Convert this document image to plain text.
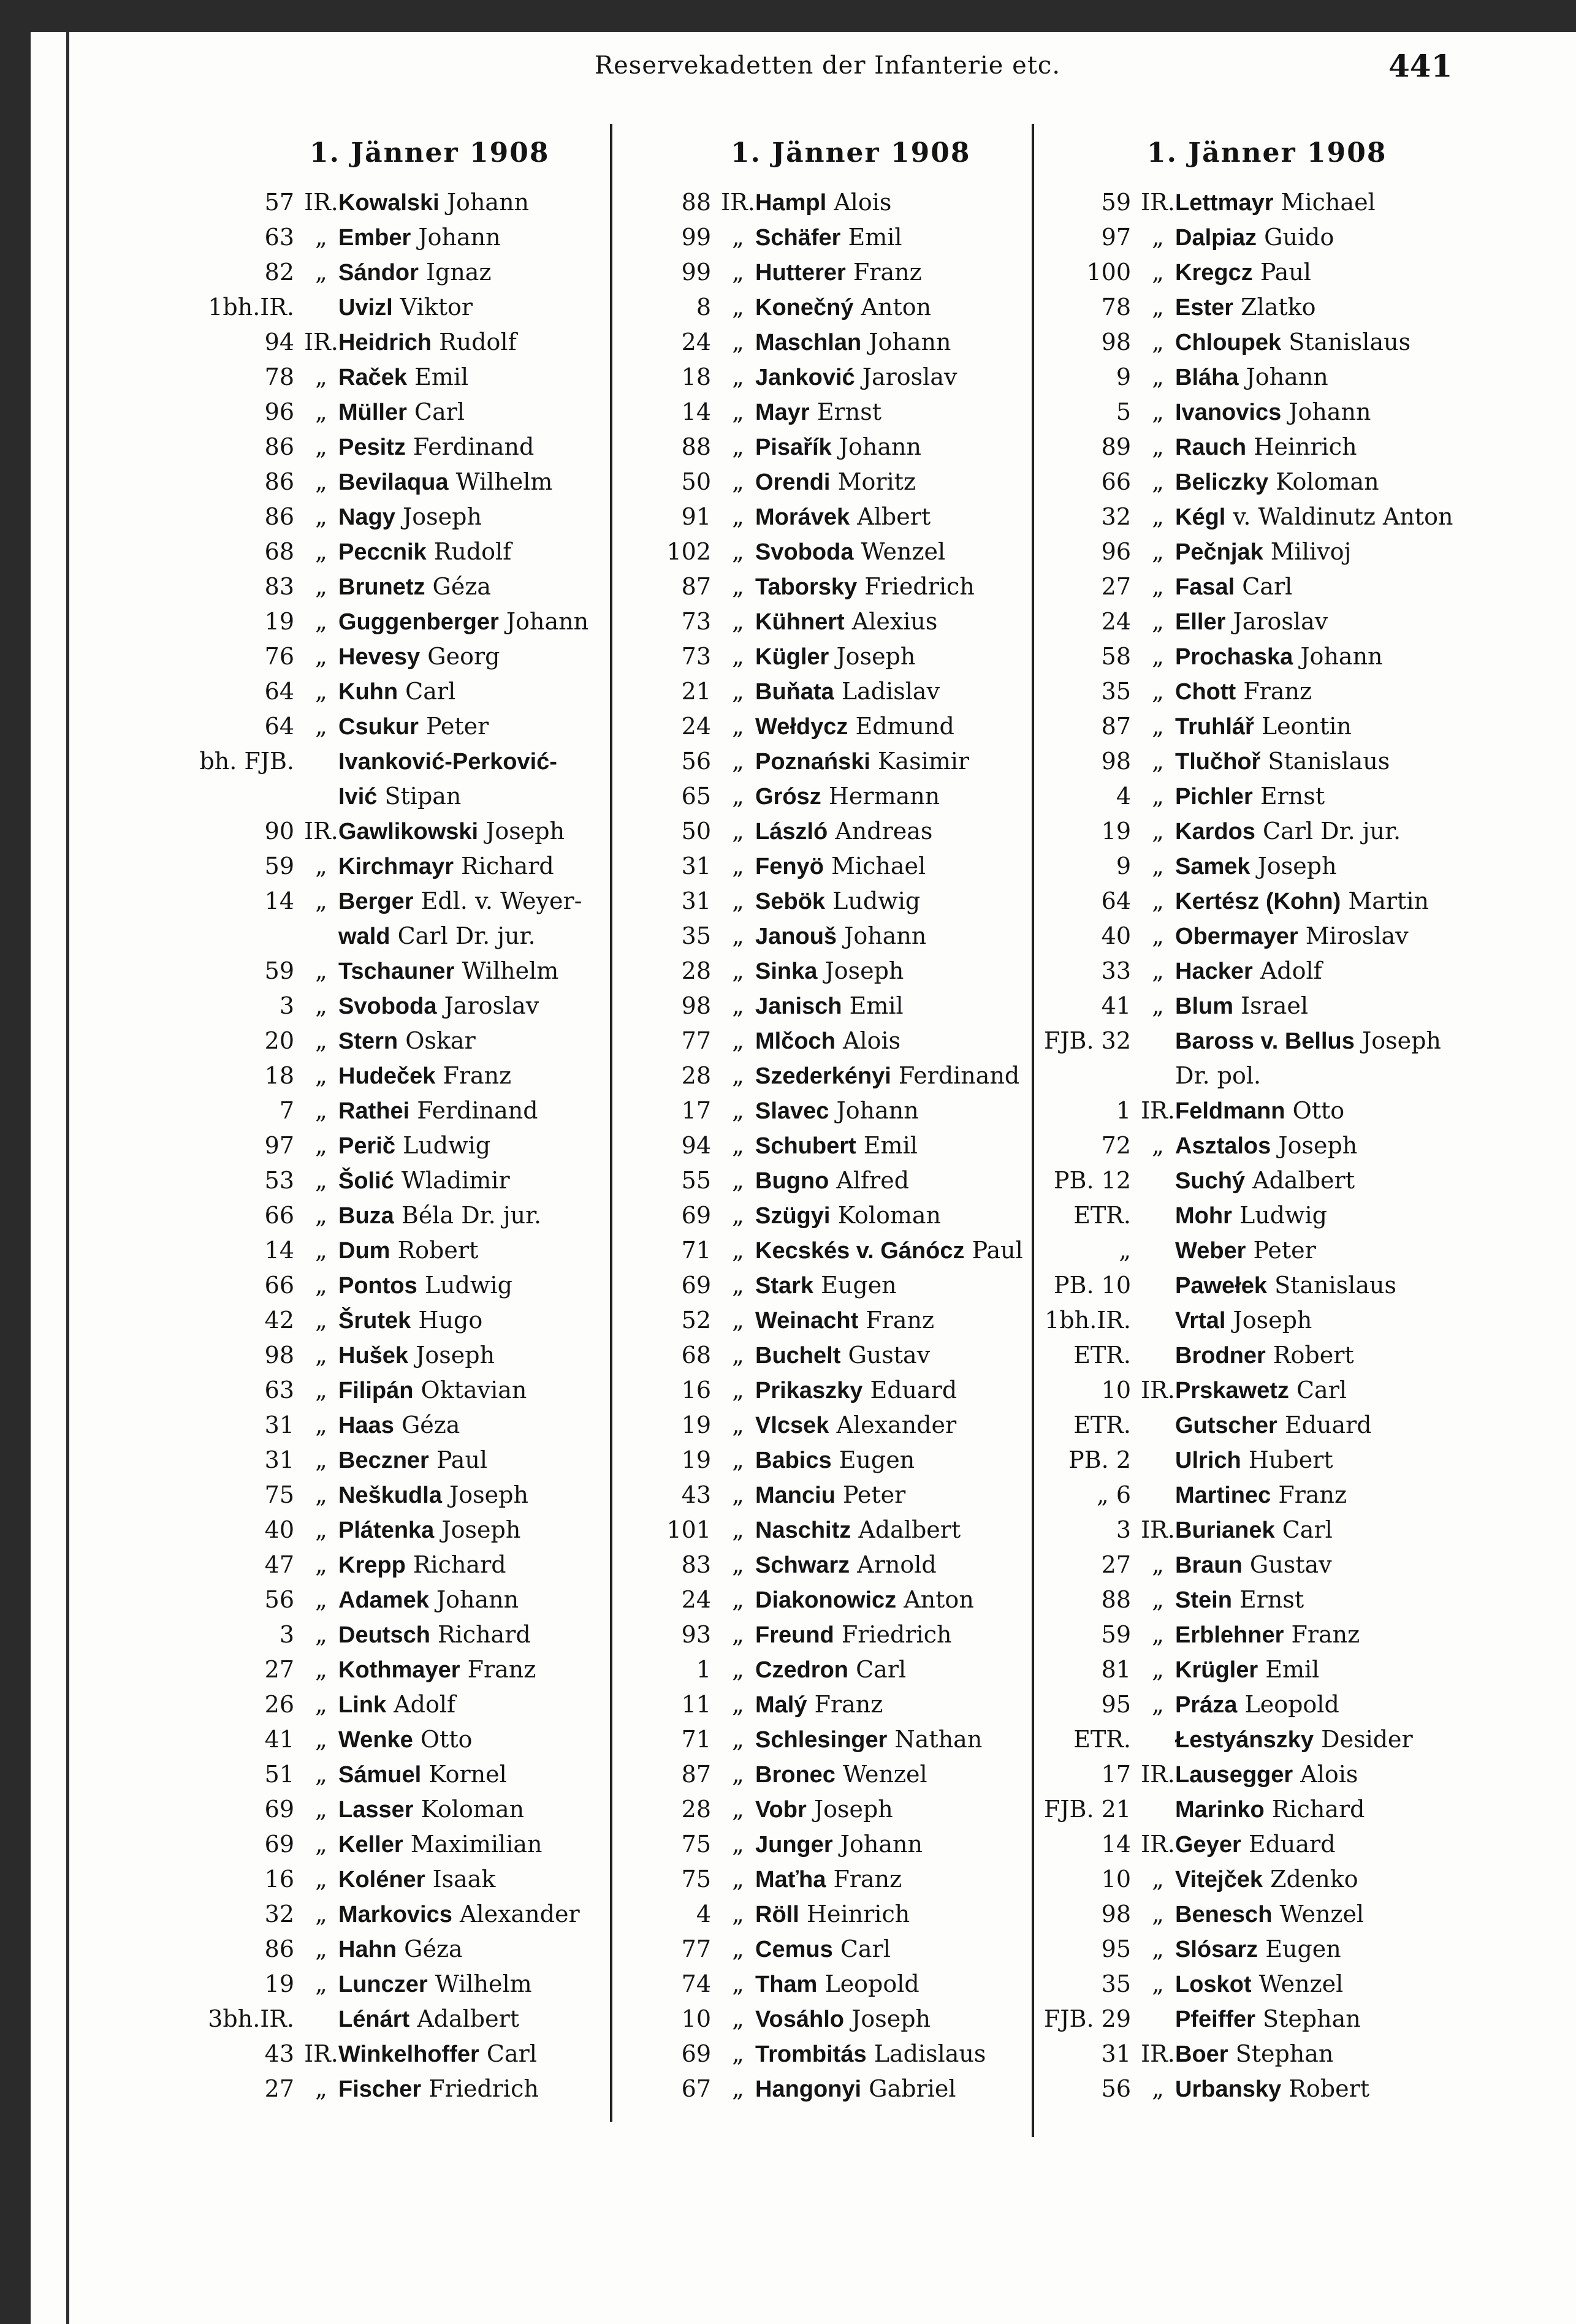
Reservekadetten der Infanterie etc.	441
1. Jänner 1908
57 IR. Kowalski Johann
63 „ Ember Johann
82 „ Sándor Ignaz
1bh.IR. Uvizl Viktor
94 IR. Heidrich Rudolf
78 „ Raček Emil
96 „ Müller Carl
86 „ Pesitz Ferdinand
86 „ Bevilaqua Wilhelm
86 „ Nagy Joseph
68 „ Peccnik Rudolf
83 „ Brunetz Géza
19 „ Guggenberger Johann
76 „ Hevesy Georg
64 „ Kuhn Carl
64 „ Csukur Peter
bh. FJB. Ivanković-Perković-
Ivić Stipan
90 IR. Gawlikowski Joseph
59 „ Kirchmayr Richard
14 „ Berger Edl. v. Weyer-
wald Carl Dr. jur.
59 „ Tschauner Wilhelm
3 „ Svoboda Jaroslav
20 „ Stern Oskar
18 „ Hudeček Franz
7 „ Rathei Ferdinand
97 „ Perič Ludwig
53 „ Šolić Wladimir
66 „ Buza Béla Dr. jur.
14 „ Dum Robert
66 „ Pontos Ludwig
42 „ Šrutek Hugo
98 „ Hušek Joseph
63 „ Filipán Oktavian
31 „ Haas Géza
31 „ Beczner Paul
75 „ Neškudla Joseph
40 „ Plátenka Joseph
47 „ Krepp Richard
56 „ Adamek Johann
3 „ Deutsch Richard
27 „ Kothmayer Franz
26 „ Link Adolf
41 „ Wenke Otto
51 „ Sámuel Kornel
69 „ Lasser Koloman
69 „ Keller Maximilian
16 „ Koléner Isaak
32 „ Markovics Alexander
86 „ Hahn Géza
19 „ Lunczer Wilhelm
3bh.IR. Lénárt Adalbert
43 IR. Winkelhoffer Carl
27 „ Fischer Friedrich
1. Jänner 1908
88 IR. Hampl Alois
99 „ Schäfer Emil
99 „ Hutterer Franz
8 „ Konečný Anton
24 „ Maschlan Johann
18 „ Janković Jaroslav
14 „ Mayr Ernst
88 „ Pisařík Johann
50 „ Orendi Moritz
91 „ Morávek Albert
102 „ Svoboda Wenzel
87 „ Taborsky Friedrich
73 „ Kühnert Alexius
73 „ Kügler Joseph
21 „ Buňata Ladislav
24 „ Wełdycz Edmund
56 „ Poznański Kasimir
65 „ Grósz Hermann
50 „ László Andreas
31 „ Fenyö Michael
31 „ Sebök Ludwig
35 „ Janouš Johann
28 „ Sinka Joseph
98 „ Janisch Emil
77 „ Mlčoch Alois
28 „ Szederkényi Ferdinand
17 „ Slavec Johann
94 „ Schubert Emil
55 „ Bugno Alfred
69 „ Szügyi Koloman
71 „ Kecskés v. Gánócz Paul
69 „ Stark Eugen
52 „ Weinacht Franz
68 „ Buchelt Gustav
16 „ Prikaszky Eduard
19 „ Vlcsek Alexander
19 „ Babics Eugen
43 „ Manciu Peter
101 „ Naschitz Adalbert
83 „ Schwarz Arnold
24 „ Diakonowicz Anton
93 „ Freund Friedrich
1 „ Czedron Carl
11 „ Malý Franz
71 „ Schlesinger Nathan
87 „ Bronec Wenzel
28 „ Vobr Joseph
75 „ Junger Johann
75 „ Maťha Franz
4 „ Röll Heinrich
77 „ Cemus Carl
74 „ Tham Leopold
10 „ Vosáhlo Joseph
69 „ Trombitás Ladislaus
67 „ Hangonyi Gabriel
1. Jänner 1908
59 IR. Lettmayr Michael
97 „ Dalpiaz Guido
100 „ Kregcz Paul
78 „ Ester Zlatko
98 „ Chloupek Stanislaus
9 „ Bláha Johann
5 „ Ivanovics Johann
89 „ Rauch Heinrich
66 „ Beliczky Koloman
32 „ Kégl v. Waldinutz Anton
96 „ Pečnjak Milivoj
27 „ Fasal Carl
24 „ Eller Jaroslav
58 „ Prochaska Johann
35 „ Chott Franz
87 „ Truhlář Leontin
98 „ Tlučhoř Stanislaus
4 „ Pichler Ernst
19 „ Kardos Carl Dr. jur.
9 „ Samek Joseph
64 „ Kertész (Kohn) Martin
40 „ Obermayer Miroslav
33 „ Hacker Adolf
41 „ Blum Israel
FJB. 32 Baross v. Bellus Joseph
Dr. pol.
1 IR. Feldmann Otto
72 „ Asztalos Joseph
PB. 12 Suchý Adalbert
ETR. Mohr Ludwig
„ Weber Peter
PB. 10 Pawełek Stanislaus
1bh.IR. Vrtal Joseph
ETR. Brodner Robert
10 IR. Prskawetz Carl
ETR. Gutscher Eduard
PB. 2 Ulrich Hubert
„ 6 Martinec Franz
3 IR. Burianek Carl
27 „ Braun Gustav
88 „ Stein Ernst
59 „ Erblehner Franz
81 „ Krügler Emil
95 „ Práza Leopold
ETR. Łestyánszky Desider
17 IR. Lausegger Alois
FJB. 21 Marinko Richard
14 IR. Geyer Eduard
10 „ Vitejček Zdenko
98 „ Benesch Wenzel
95 „ Slósarz Eugen
35 „ Loskot Wenzel
FJB. 29 Pfeiffer Stephan
31 IR. Boer Stephan
56 „ Urbansky Robert
